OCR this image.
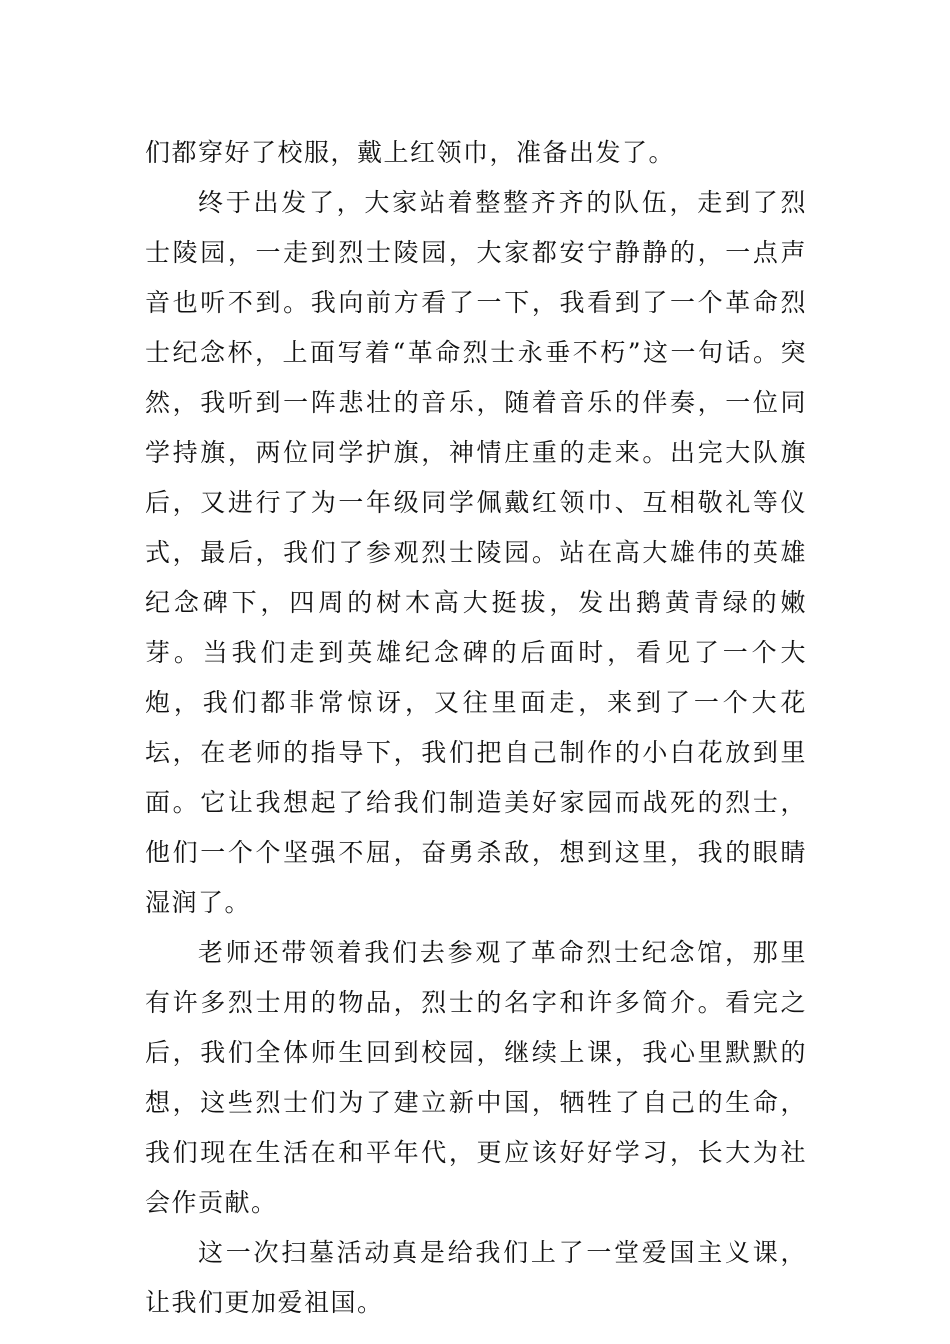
们都穿好了校服，戴上红领巾，准备出发了。

终于出发了，大家站着整整齐齐的队伍，走到了烈士陵园，一走到烈士陵园，大家都安宁静静的，一点声音也听不到。我向前方看了一下，我看到了一个革命烈士纪念杯，上面写着“革命烈士永垂不朽”这一句话。突然，我听到一阵悲壮的音乐，随着音乐的伴奏，一位同学持旗，两位同学护旗，神情庄重的走来。出完大队旗后，又进行了为一年级同学佩戴红领巾、互相敬礼等仪式，最后，我们了参观烈士陵园。站在高大雄伟的英雄纪念碑下，四周的树木高大挺拔，发出鹅黄青绿的嫩芽。当我们走到英雄纪念碑的后面时，看见了一个大炮，我们都非常惊讶，又往里面走，来到了一个大花坛，在老师的指导下，我们把自己制作的小白花放到里面。它让我想起了给我们制造美好家园而战死的烈士，他们一个个坚强不屈，奋勇杀敌，想到这里，我的眼睛湿润了。

老师还带领着我们去参观了革命烈士纪念馆，那里有许多烈士用的物品，烈士的名字和许多简介。看完之后，我们全体师生回到校园，继续上课，我心里默默的想，这些烈士们为了建立新中国，牺牲了自己的生命，我们现在生活在和平年代，更应该好好学习，长大为社会作贡献。

这一次扫墓活动真是给我们上了一堂爱国主义课，让我们更加爱祖国。
